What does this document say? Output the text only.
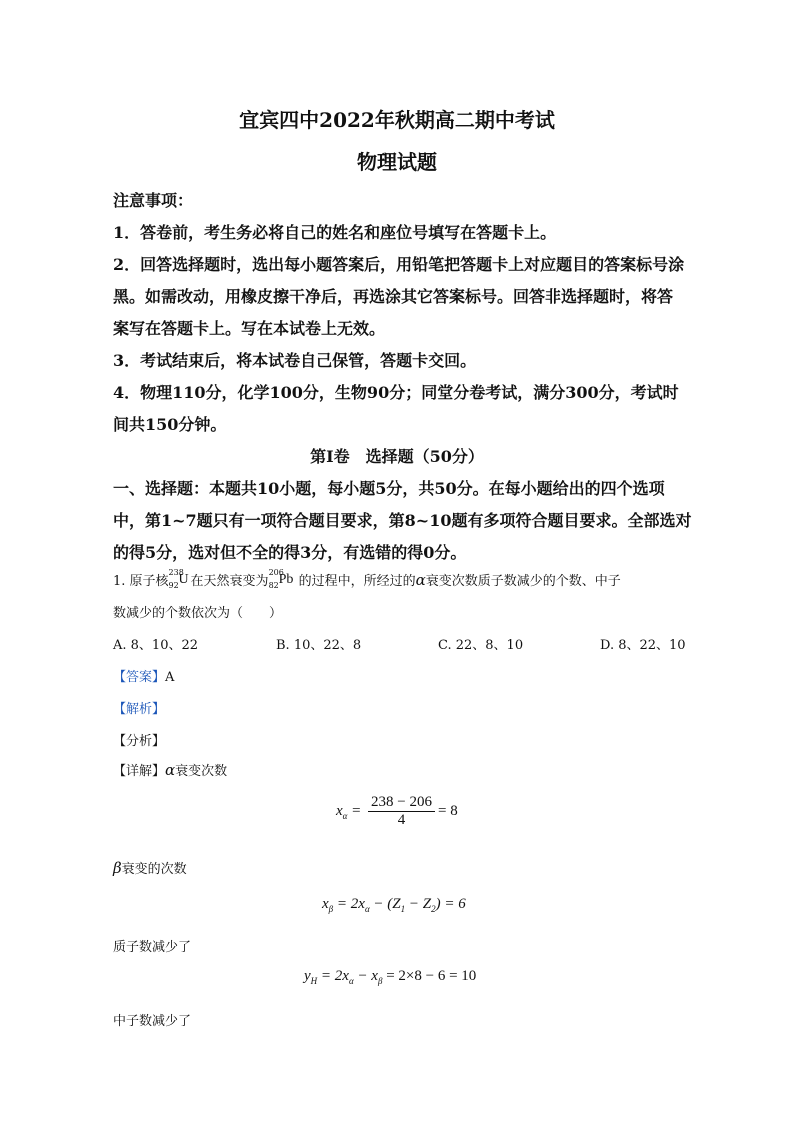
宜宾四中2022年秋期高二期中考试
物理试题
注意事项：
1．答卷前，考生务必将自己的姓名和座位号填写在答题卡上。
2．回答选择题时，选出每小题答案后，用铅笔把答题卡上对应题目的答案标号涂
黑。如需改动，用橡皮擦干净后，再选涂其它答案标号。回答非选择题时，将答
案写在答题卡上。写在本试卷上无效。
3．考试结束后，将本试卷自己保管，答题卡交回。
4．物理110分，化学100分，生物90分；同堂分卷考试，满分300分，考试时
间共150分钟。
第Ⅰ卷　选择题（50分）
一、选择题：本题共10小题，每小题5分，共50分。在每小题给出的四个选项
中，第1~7题只有一项符合题目要求，第8~10题有多项符合题目要求。全部选对
的得5分，选对但不全的得3分，有选错的得0分。
1. 原子核
238
92 U 在天然衰变为
206
82 Pb 的过程中，所经过的α衰变次数质子数减少的个数、中子
数减少的个数依次为（　　）
A. 8、10、22	B. 10、22、8	C. 22、8、10	D. 8、22、10
【答案】A
【解析】
【分析】
【详解】α衰变次数
$x_\alpha = \frac{238 - 206}{4} = 8$
β衰变的次数
$x_\beta = 2x_\alpha - (Z_1 - Z_2) = 6$
质子数减少了
$y_H = 2x_\alpha - x_\beta = 2\times 8 - 6 = 10$
中子数减少了
